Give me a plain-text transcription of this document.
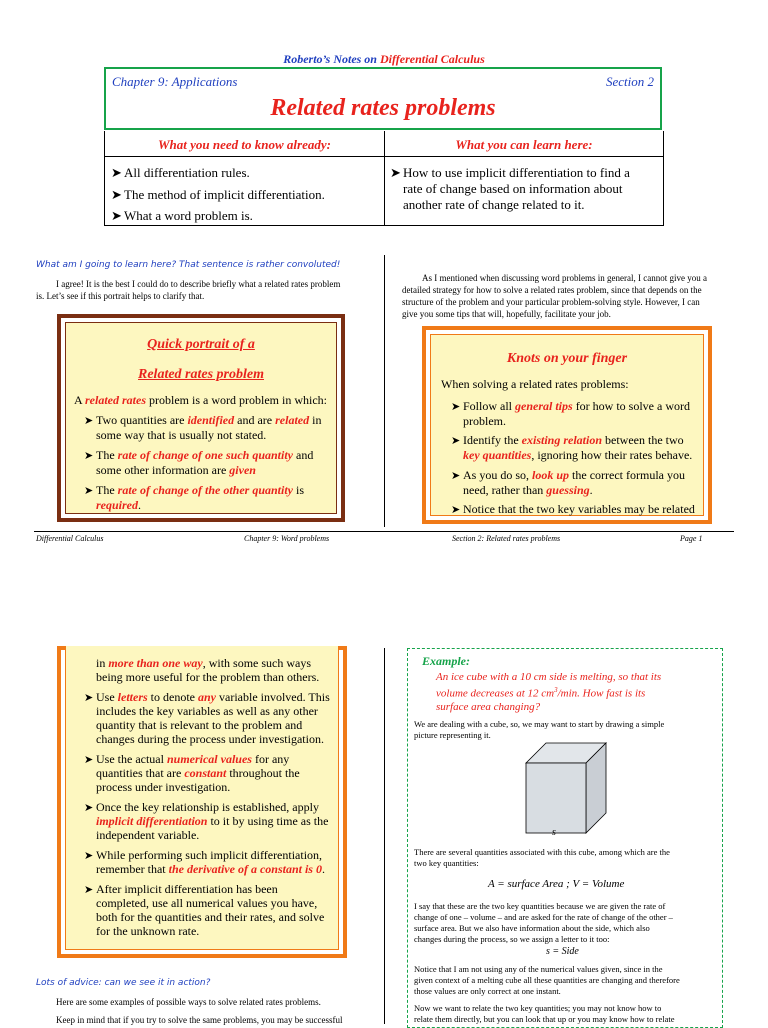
Roberto’s Notes on Differential Calculus
Chapter 9: Applications	Section 2
Related rates problems
What you need to know already:	What you can learn here:
➤ All differentiation rules.
➤ The method of implicit differentiation.
➤ What a word problem is.
➤ How to use implicit differentiation to find a
rate of change based on information about
another rate of change related to it.
What am I going to learn here? That sentence is rather convoluted!
I agree! It is the best I could do to describe briefly what a related rates problem
is. Let’s see if this portrait helps to clarify that.
As I mentioned when discussing word problems in general, I cannot give you a
detailed strategy for how to solve a related rates problem, since that depends on the
structure of the problem and your particular problem-solving style. However, I can
give you some tips that will, hopefully, facilitate your job.
Quick portrait of a
Related rates problem
A related rates problem is a word problem in which:
➤ Two quantities are identified and are related in
some way that is usually not stated.
➤ The rate of change of one such quantity and
some other information are given
➤ The rate of change of the other quantity is
required.
Knots on your finger
When solving a related rates problems:
➤ Follow all general tips for how to solve a word
problem.
➤ Identify the existing relation between the two
key quantities, ignoring how their rates behave.
➤ As you do so, look up the correct formula you
need, rather than guessing.
➤ Notice that the two key variables may be related
Differential Calculus	Chapter 9: Word problems	Section 2: Related rates problems	Page 1
in more than one way, with some such ways
being more useful for the problem than others.
➤ Use letters to denote any variable involved. This
includes the key variables as well as any other
quantity that is relevant to the problem and
changes during the process under investigation.
➤ Use the actual numerical values for any
quantities that are constant throughout the
process under investigation.
➤ Once the key relationship is established, apply
implicit differentiation to it by using time as the
independent variable.
➤ While performing such implicit differentiation,
remember that the derivative of a constant is 0.
➤ After implicit differentiation has been
completed, use all numerical values you have,
both for the quantities and their rates, and solve
for the unknown rate.
Lots of advice: can we see it in action?
Here are some examples of possible ways to solve related rates problems.
Keep in mind that if you try to solve the same problems, you may be successful
Example:
An ice cube with a 10 cm side is melting, so that its
volume decreases at 12 $cm^3/\min$. How fast is its
surface area changing?
We are dealing with a cube, so, we may want to start by drawing a simple
picture representing it.
s
There are several quantities associated with this cube, among which are the
two key quantities:
A = surface Area ; V = Volume
I say that these are the two key quantities because we are given the rate of
change of one – volume – and are asked for the rate of change of the other –
surface area. But we also have information about the side, which also
changes during the process, so we assign a letter to it too:
s = Side
Notice that I am not using any of the numerical values given, since in the
given context of a melting cube all these quantities are changing and therefore
those values are only correct at one instant.
Now we want to relate the two key quantities; you may not know how to
relate them directly, but you can look that up or you may know how to relate
